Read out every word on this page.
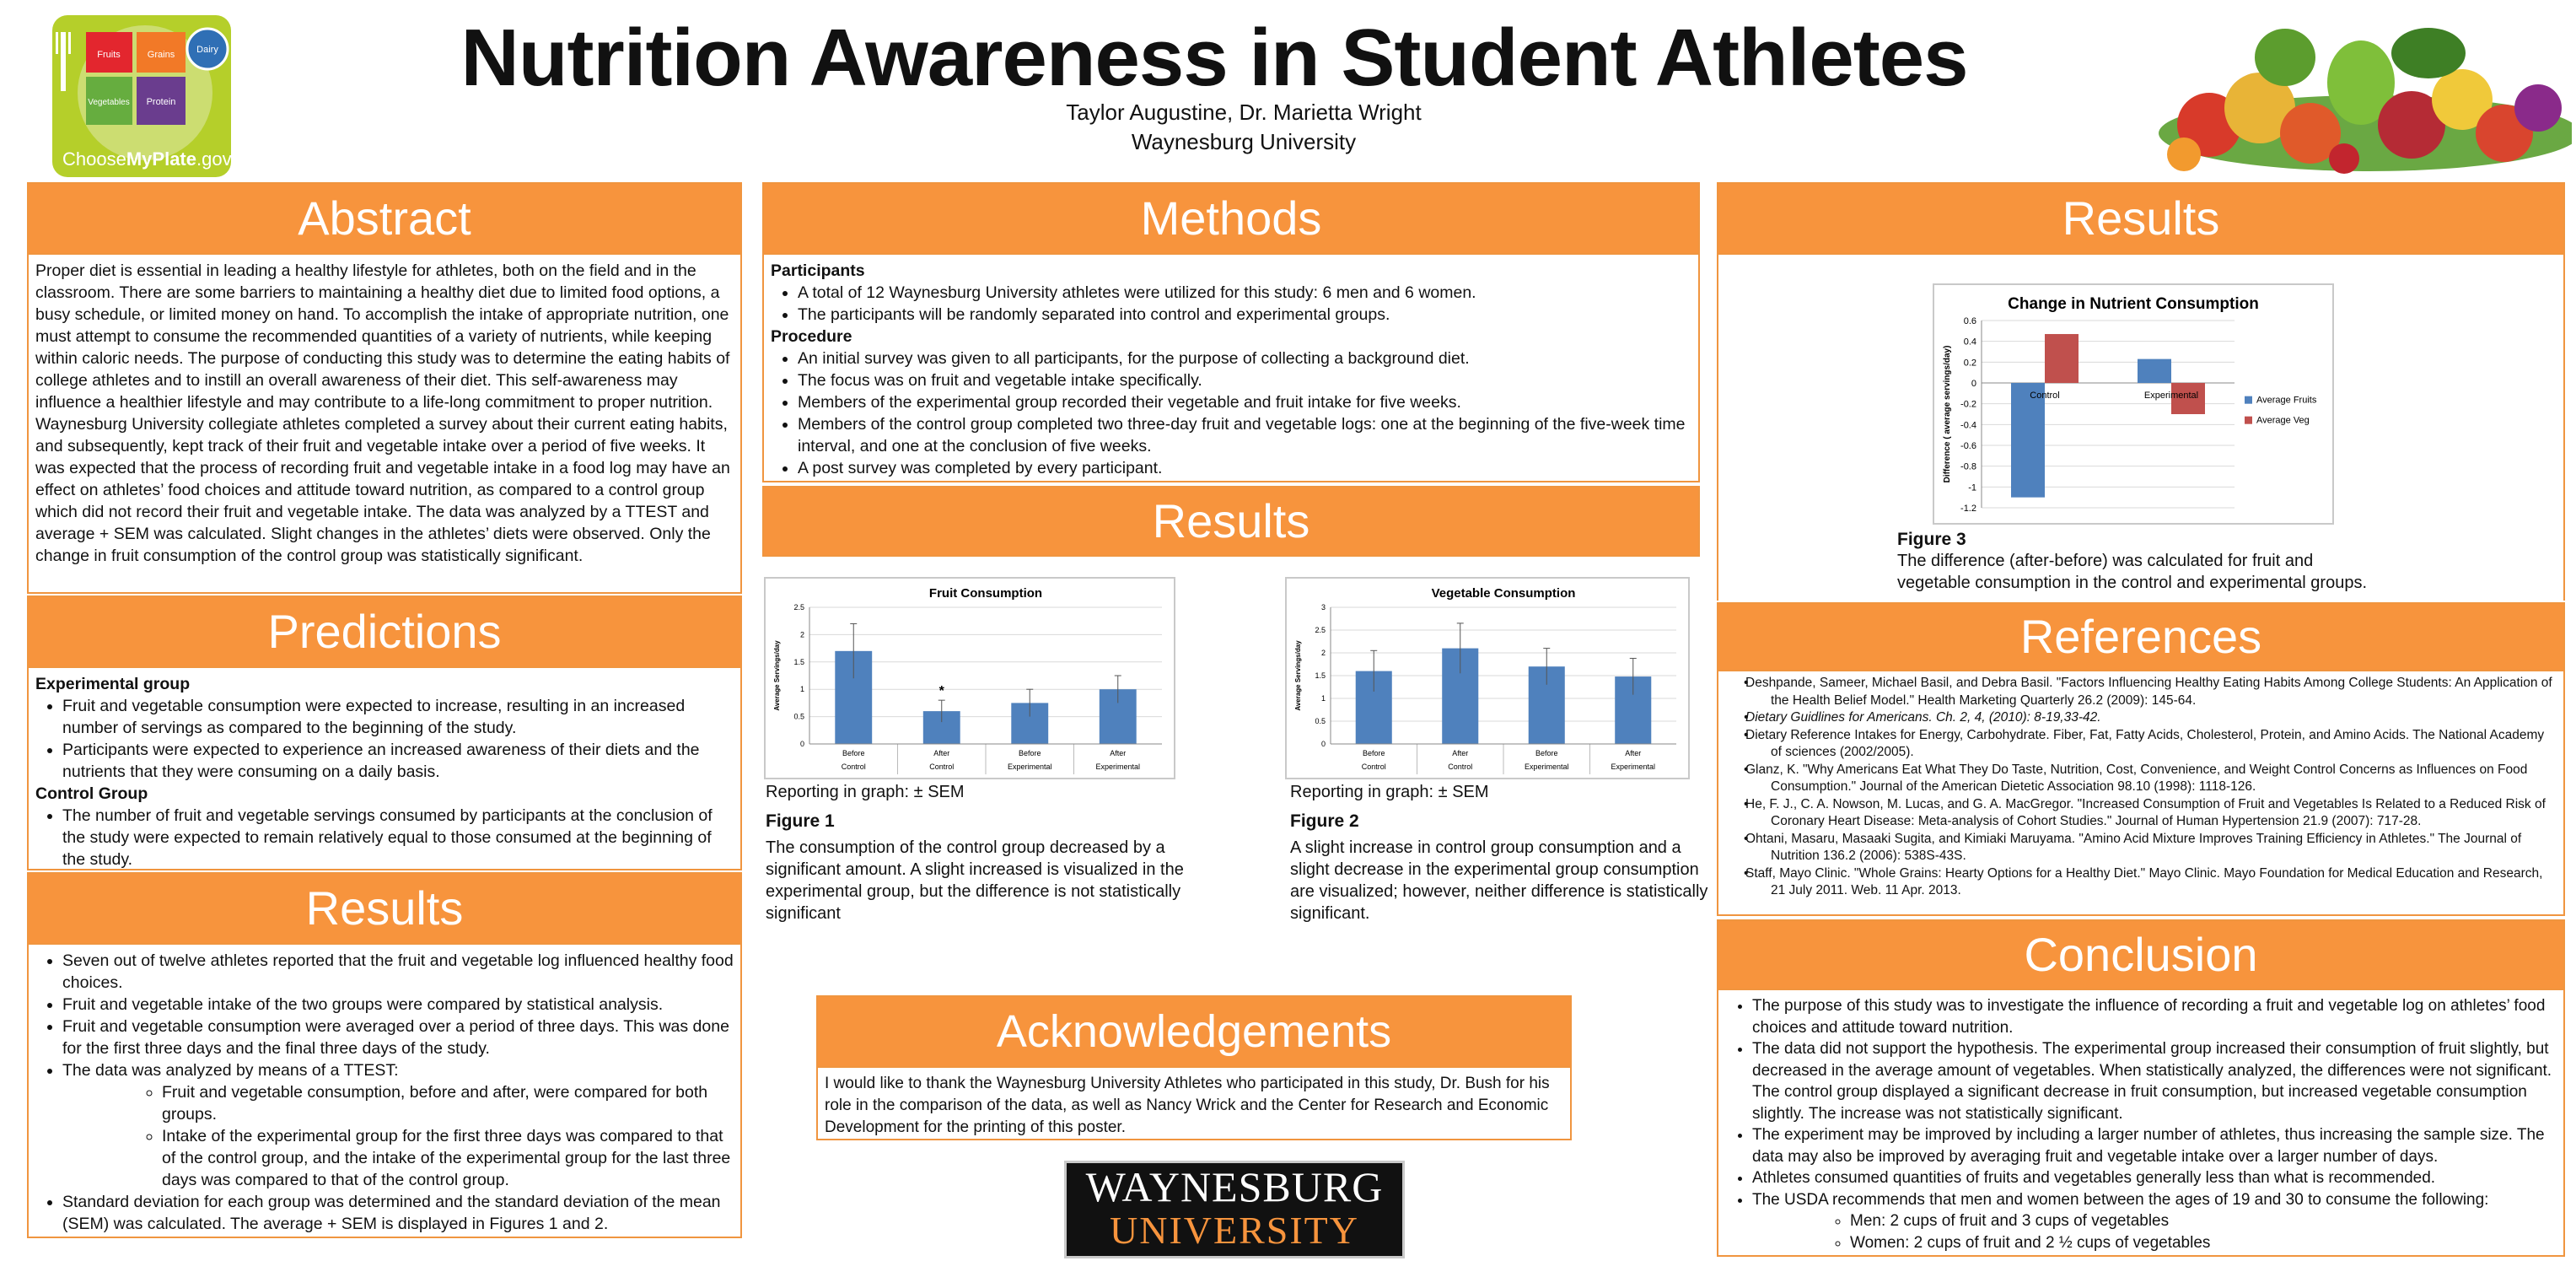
Fruits	Grains
Vegetables Protein
Dairy
ChooseMyPlate.gov
Nutrition Awareness in Student Athletes
Taylor Augustine, Dr. Marietta Wright
Waynesburg University
Abstract
Proper diet is essential in leading a healthy lifestyle for athletes, both on the field and in the classroom. There are some barriers to maintaining a healthy diet due to limited food options, a busy schedule, or limited money on hand. To accomplish the intake of appropriate nutrition, one must attempt to consume the recommended quantities of a variety of nutrients, while keeping within caloric needs. The purpose of conducting this study was to determine the eating habits of college athletes and to instill an overall awareness of their diet. This self-awareness may influence a healthier lifestyle and may contribute to a life-long commitment to proper nutrition. Waynesburg University collegiate athletes completed a survey about their current eating habits, and subsequently, kept track of their fruit and vegetable intake over a period of five weeks. It was expected that the process of recording fruit and vegetable intake in a food log may have an effect on athletes’ food choices and attitude toward nutrition, as compared to a control group which did not record their fruit and vegetable intake. The data was analyzed by a TTEST and average + SEM was calculated. Slight changes in the athletes’ diets were observed. Only the change in fruit consumption of the control group was statistically significant.
Predictions
Experimental group
• Fruit and vegetable consumption were expected to increase, resulting in an increased number of servings as compared to the beginning of the study.
• Participants were expected to experience an increased awareness of their diets and the nutrients that they were consuming on a daily basis.
Control Group
• The number of fruit and vegetable servings consumed by participants at the conclusion of the study were expected to remain relatively equal to those consumed at the beginning of the study.
Results
• Seven out of twelve athletes reported that the fruit and vegetable log influenced healthy food choices.
• Fruit and vegetable intake of the two groups were compared by statistical analysis.
• Fruit and vegetable consumption were averaged over a period of three days. This was done for the first three days and the final three days of the study.
• The data was analyzed by means of a TTEST:
◦ Fruit and vegetable consumption, before and after, were compared for both groups.
◦ Intake of the experimental group for the first three days was compared to that of the control group, and the intake of the experimental group for the last three days was compared to that of the control group.
• Standard deviation for each group was determined and the standard deviation of the mean (SEM) was calculated. The average + SEM is displayed in Figures 1 and 2.
Methods
Participants
• A total of 12 Waynesburg University athletes were utilized for this study: 6 men and 6 women.
• The participants will be randomly separated into control and experimental groups.
Procedure
• An initial survey was given to all participants, for the purpose of collecting a background diet.
• The focus was on fruit and vegetable intake specifically.
• Members of the experimental group recorded their vegetable and fruit intake for five weeks.
• Members of the control group completed two three-day fruit and vegetable logs: one at the beginning of the five-week time interval, and one at the conclusion of five weeks.
• A post survey was completed by every participant.
Results
Fruit Consumption
0
0.5
1
1.5
2
2.5
Average Servings/day
Before
Control
After
Control
Before
Experimental
After
Experimental
*
Reporting in graph: ± SEM
Figure 1
The consumption of the control group decreased by a significant amount. A slight increased is visualized in the experimental group, but the difference is not statistically significant
Vegetable Consumption
0
0.5
1
1.5
2
2.5
3
Average Servings/day
Before
Control
After
Control
Before
Experimental
After
Experimental
Reporting in graph: ± SEM
Figure 2
A slight increase in control group consumption and a slight decrease in the experimental group consumption are visualized; however, neither difference is statistically significant.
Acknowledgements
I would like to thank the Waynesburg University Athletes who participated in this study, Dr. Bush for his role in the comparison of the data, as well as Nancy Wrick and the Center for Research and Economic Development for the printing of this poster.
WAYNESBURG
UNIVERSITY
Results
Change in Nutrient Consumption
-1.2
-1
-0.8
-0.6
-0.4
-0.2
0
0.2
0.4
0.6
Difference ( average servings/day)	Control	Experimental	Average Fruits
Average Veg
Figure 3
The difference (after-before) was calculated for fruit and vegetable consumption in the control and experimental groups.
References
• Deshpande, Sameer, Michael Basil, and Debra Basil. "Factors Influencing Healthy Eating Habits Among College Students: An Application of the Health Belief Model." Health Marketing Quarterly 26.2 (2009): 145-64.
• Dietary Guidlines for Americans. Ch. 2, 4, (2010): 8-19,33-42.
• Dietary Reference Intakes for Energy, Carbohydrate. Fiber, Fat, Fatty Acids, Cholesterol, Protein, and Amino Acids. The National Academy of sciences (2002/2005).
• Glanz, K. "Why Americans Eat What They Do Taste, Nutrition, Cost, Convenience, and Weight Control Concerns as Influences on Food Consumption." Journal of the American Dietetic Association 98.10 (1998): 1118-126.
• He, F. J., C. A. Nowson, M. Lucas, and G. A. MacGregor. "Increased Consumption of Fruit and Vegetables Is Related to a Reduced Risk of Coronary Heart Disease: Meta-analysis of Cohort Studies." Journal of Human Hypertension 21.9 (2007): 717-28.
• Ohtani, Masaru, Masaaki Sugita, and Kimiaki Maruyama. "Amino Acid Mixture Improves Training Efficiency in Athletes." The Journal of Nutrition 136.2 (2006): 538S-43S.
• Staff, Mayo Clinic. "Whole Grains: Hearty Options for a Healthy Diet." Mayo Clinic. Mayo Foundation for Medical Education and Research, 21 July 2011. Web. 11 Apr. 2013.
Conclusion
• The purpose of this study was to investigate the influence of recording a fruit and vegetable log on athletes’ food choices and attitude toward nutrition.
• The data did not support the hypothesis. The experimental group increased their consumption of fruit slightly, but decreased in the average amount of vegetables. When statistically analyzed, the differences were not significant. The control group displayed a significant decrease in fruit consumption, but increased vegetable consumption slightly. The increase was not statistically significant.
• The experiment may be improved by including a larger number of athletes, thus increasing the sample size. The data may also be improved by averaging fruit and vegetable intake over a larger number of days.
• Athletes consumed quantities of fruits and vegetables generally less than what is recommended.
• The USDA recommends that men and women between the ages of 19 and 30 to consume the following:
◦ Men: 2 cups of fruit and 3 cups of vegetables
◦ Women: 2 cups of fruit and 2 ½ cups of vegetables
